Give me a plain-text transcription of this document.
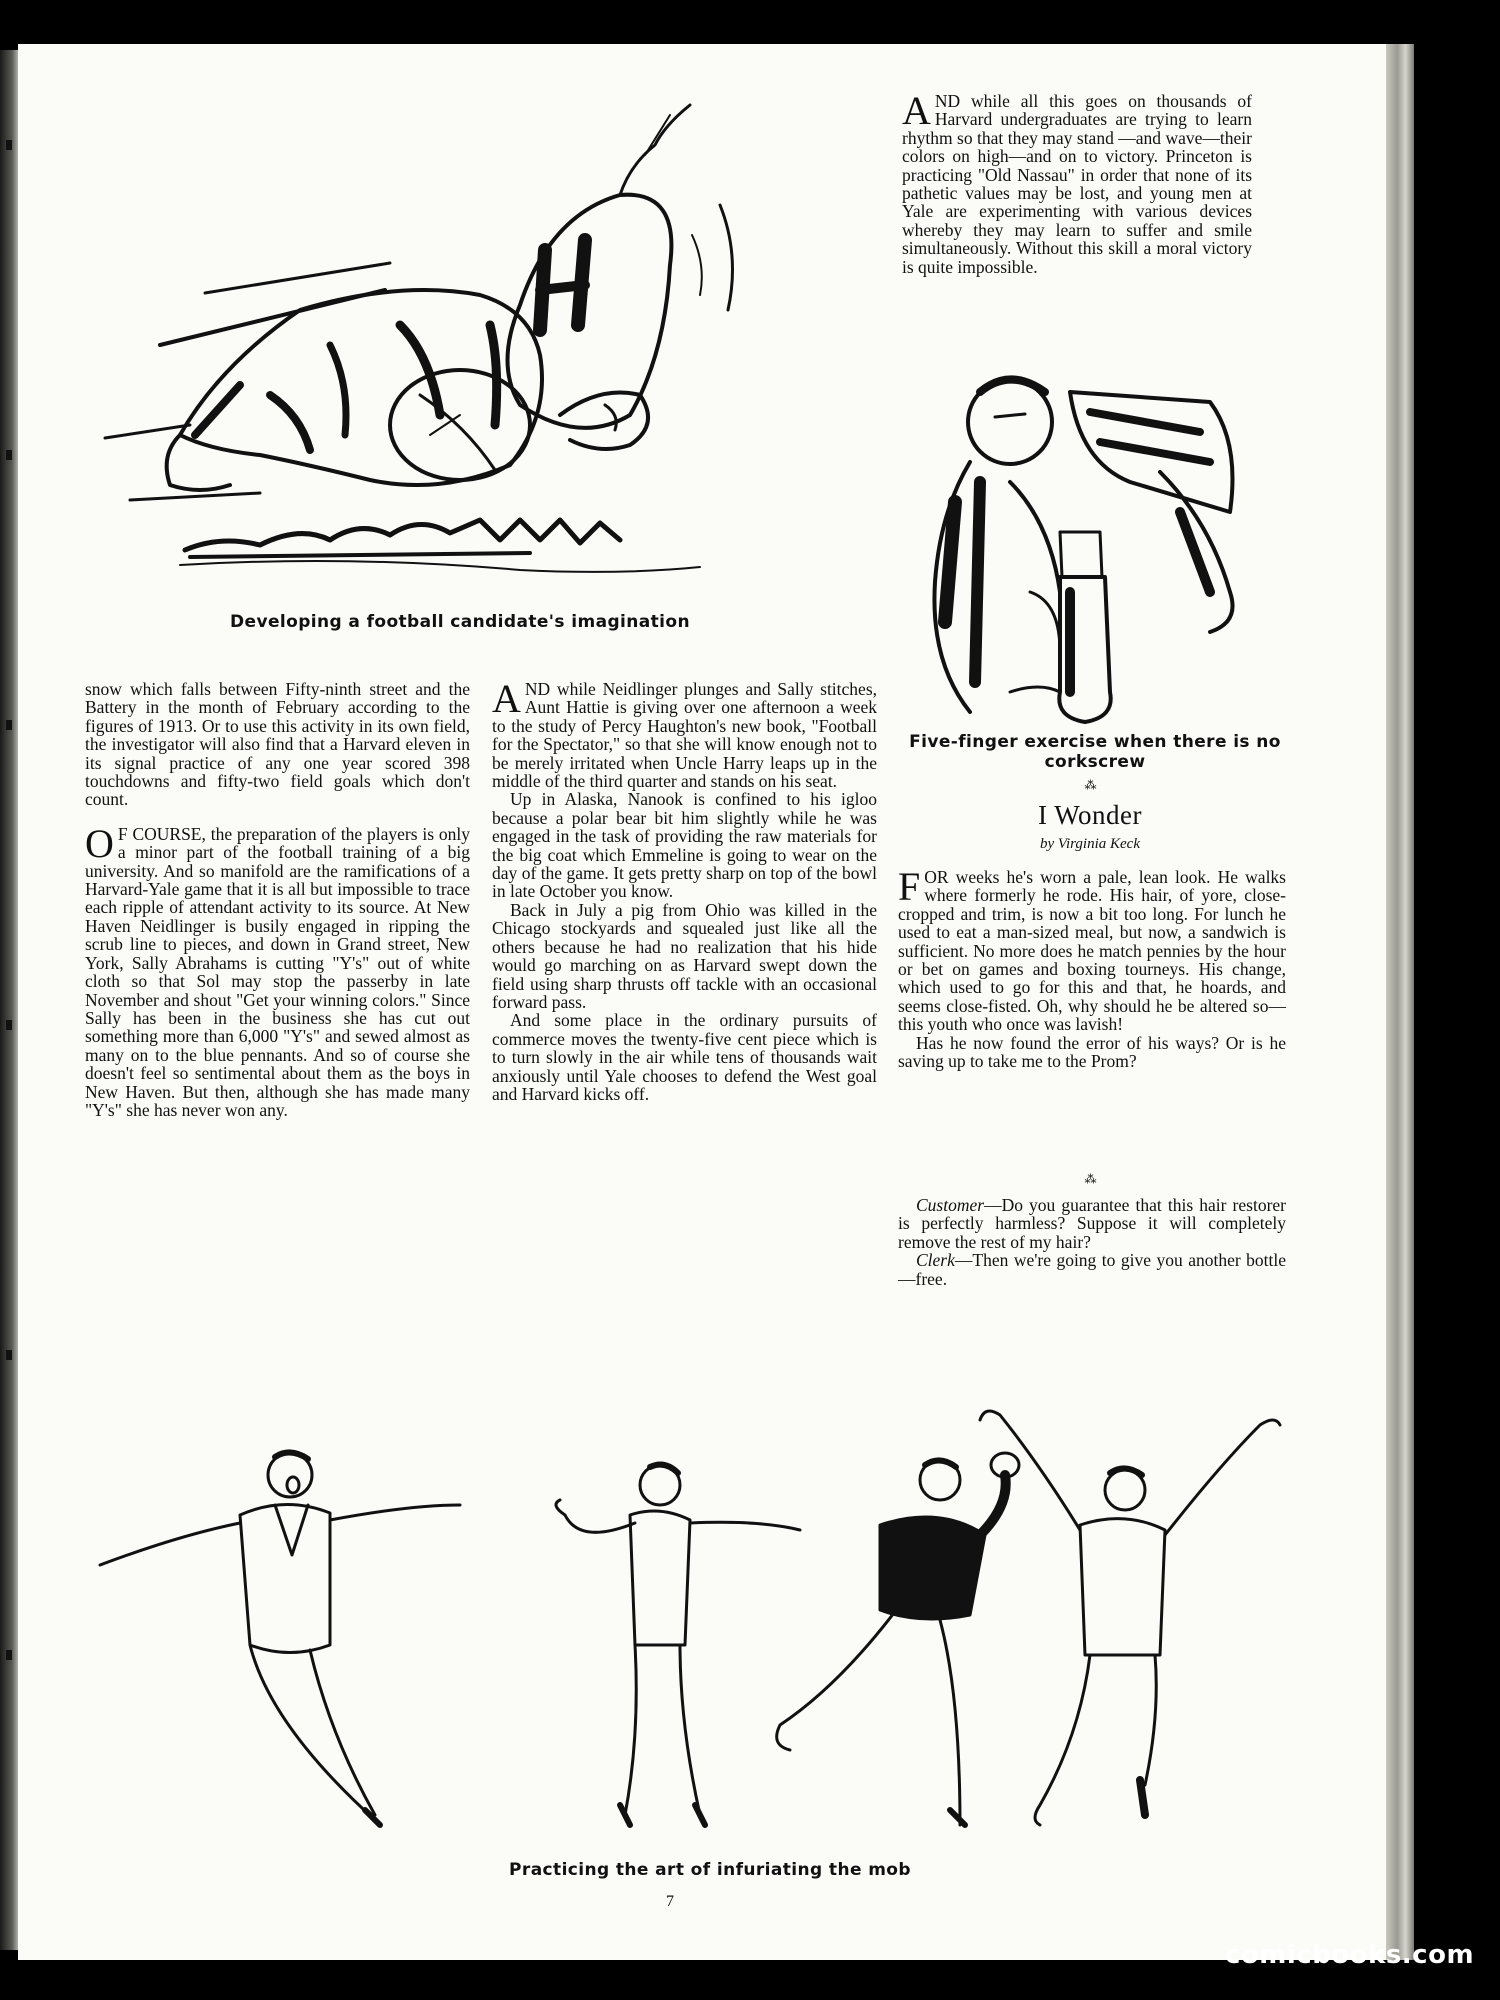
Developing a football candidate's imagination

AND while all this goes on thousands of Harvard undergraduates are trying to learn rhythm so that they may stand —and wave—their colors on high—and on to victory. Princeton is practicing "Old Nassau" in order that none of its pathetic values may be lost, and young men at Yale are experimenting with various devices whereby they may learn to suffer and smile simultaneously. Without this skill a moral victory is quite impossible.

Five-finger exercise when there is no
corkscrew
⁂
I Wonder
by Virginia Keck

FOR weeks he's worn a pale, lean look. He walks where formerly he rode. His hair, of yore, close-cropped and trim, is now a bit too long. For lunch he used to eat a man-sized meal, but now, a sandwich is sufficient. No more does he match pennies by the hour or bet on games and boxing tourneys. His change, which used to go for this and that, he hoards, and seems close-fisted. Oh, why should he be altered so—this youth who once was lavish!

Has he now found the error of his ways? Or is he saving up to take me to the Prom?

⁂

Customer—Do you guarantee that this hair restorer is perfectly harmless? Suppose it will completely remove the rest of my hair?

Clerk—Then we're going to give you another bottle—free.

snow which falls between Fifty-ninth street and the Battery in the month of February according to the figures of 1913. Or to use this activity in its own field, the investigator will also find that a Harvard eleven in its signal practice of any one year scored 398 touchdowns and fifty-two field goals which don't count.

O F COURSE, the preparation of the players is only a minor part of the football training of a big university. And so manifold are the ramifications of a Harvard-Yale game that it is all but impossible to trace each ripple of attendant activity to its source. At New Haven Neidlinger is busily engaged in ripping the scrub line to pieces, and down in Grand street, New York, Sally Abrahams is cutting "Y's" out of white cloth so that Sol may stop the passerby in late November and shout "Get your winning colors." Since Sally has been in the business she has cut out something more than 6,000 "Y's" and sewed almost as many on to the blue pennants. And so of course she doesn't feel so sentimental about them as the boys in New Haven. But then, although she has made many "Y's" she has never won any.

AND while Neidlinger plunges and Sally stitches, Aunt Hattie is giving over one afternoon a week to the study of Percy Haughton's new book, "Football for the Spectator," so that she will know enough not to be merely irritated when Uncle Harry leaps up in the middle of the third quarter and stands on his seat.

Up in Alaska, Nanook is confined to his igloo because a polar bear bit him slightly while he was engaged in the task of providing the raw materials for the big coat which Emmeline is going to wear on the day of the game. It gets pretty sharp on top of the bowl in late October you know.

Back in July a pig from Ohio was killed in the Chicago stockyards and squealed just like all the others because he had no realization that his hide would go marching on as Harvard swept down the field using sharp thrusts off tackle with an occasional forward pass.

And some place in the ordinary pursuits of commerce moves the twenty-five cent piece which is to turn slowly in the air while tens of thousands wait anxiously until Yale chooses to defend the West goal and Harvard kicks off.

Practicing the art of infuriating the mob
7
comicbooks.com
